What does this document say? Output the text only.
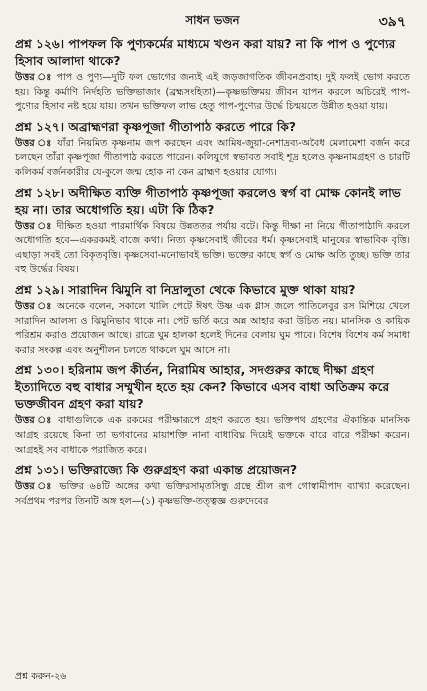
সাধন ভজন	৩৯৭
প্রশ্ন ১২৬। পাপফল কি পুণ্যকর্মের মাধ্যমে খণ্ডন করা যায়? না কি পাপ ও পুণ্যের হিসাব আলাদা থাকে?
উত্তর ঃ পাপ ও পুণ্য—দুটি ফল ভোগের জন্যই এই জড়জাগতিক জীবনপ্রবাহ। দুই ফলই ভোগ করতে হয়। কিন্তু কর্মাণি নির্দহতি ভক্তিভাজাং (ব্রহ্মসংহিতা)—কৃষ্ণভক্তিময় জীবন যাপন করলে অচিরেই পাপ-পুণ্যের হিসাব নষ্ট হয়ে যায়। তখন ভক্তিফল লাভ হেতু পাপ-পুণ্যের উর্দ্ধে চিন্ময়তে উন্নীত হওয়া যায়।
প্রশ্ন ১২৭। অব্রাহ্মণরা কৃষ্ণপূজা গীতাপাঠ করতে পারে কি?
উত্তর ঃ যাঁরা নিয়মিত কৃষ্ণনাম জপ করছেন এবং আমিষ-জুয়া-নেশাদ্রব্য-অবৈধ মেলামেশা বর্জন করে চলছেন তাঁরা কৃষ্ণপূজা গীতাপাঠ করতে পারেন। কলিযুগে স্বভাবত সবাই শূদ্র হলেও কৃষ্ণনামগ্রহণ ও চারটি কলিকর্ম বর্জনকারীর যে-কুলে জন্ম হোক না কেন ব্রাহ্মণ হওয়ার যোগ্য।
প্রশ্ন ১২৮। অদীক্ষিত ব্যক্তি গীতাপাঠ কৃষ্ণপূজা করলেও স্বর্গ বা মোক্ষ কোনই লাভ হয় না। তার অধোগতি হয়। এটা কি ঠিক?
উত্তর ঃ দীক্ষিত হওয়া পারমার্থিক বিষয়ে উন্নততর পর্যায় বটে। কিন্তু দীক্ষা না নিয়ে গীতাপাঠাদি করলে অধোগতি হবে—একরকমই বাজে কথা। নিত্য কৃষ্ণসেবাই জীবের ধর্ম। কৃষ্ণসেবাই মানুষের স্বাভাবিক বৃত্তি। এছাড়া সবই তো বিকৃতবৃত্তি। কৃষ্ণসেবা-মনোভাবই ভক্তি। ভক্তের কাছে স্বর্গ ও মোক্ষ অতি তুচ্ছ। ভক্তি তার বহু উর্দ্ধের বিষয়।
প্রশ্ন ১২৯। সারাদিন ঝিমুনি বা নিদ্রালুতা থেকে কিভাবে মুক্ত থাকা যায়?
উত্তর ঃ অনেকে বলেন, সকালে খালি পেটে ঈষৎ উষ্ণ এক গ্লাস জলে পাতিলেবুর রস মিশিয়ে খেলে সারাদিন আলস্য ও ঝিমুনিভাব থাকে না। পেট ভর্তি করে অন্ন আহার করা উচিত নয়। মানসিক ও কায়িক পরিশ্রম করাও প্রয়োজন আছে। রাত্রে ঘুম হালকা হলেই দিনের বেলায় ঘুম পাবে। বিশেষ বিশেষ কর্ম সমাধা করার সংকল্প এবং অনুশীলন চলতে থাকলে ঘুম আসে না।
প্রশ্ন ১৩০। হরিনাম জপ কীর্তন, নিরামিষ আহার, সদগুরুর কাছে দীক্ষা গ্রহণ ইত্যাদিতে বহু বাধার সম্মুখীন হতে হয় কেন? কিভাবে এসব বাধা অতিক্রম করে ভক্তজীবন গ্রহণ করা যায়?
উত্তর ঃ বাধাগুলিকে এক রকমের পরীক্ষারূপে গ্রহণ করতে হয়। ভক্তিপথ গ্রহণের ঐকান্তিক মানসিক আগ্রহ রয়েছে কিনা তা ভগবানের মায়াশক্তি নানা বাধাবিঘ্ন দিয়েই ভক্তকে বারে বারে পরীক্ষা করেন। আগ্রহই সব বাধাকে পরাজিত করে।
প্রশ্ন ১৩১। ভক্তিরাজ্যে কি গুরুগ্রহণ করা একান্ত প্রয়োজন?
উত্তর ঃ ভক্তির ৬৪টি অঙ্গের কথা ভক্তিরসামৃতসিন্ধু গ্রন্থে শ্রীল রূপ গোস্বামীপাদ ব্যাখ্যা করেছেন। সর্বপ্রথম পরপর তিনটি অঙ্গ হল—(১) কৃষ্ণভক্তি-তত্ত্বজ্ঞ গুরুদেবের
প্রশ্ন করুন-২৬
